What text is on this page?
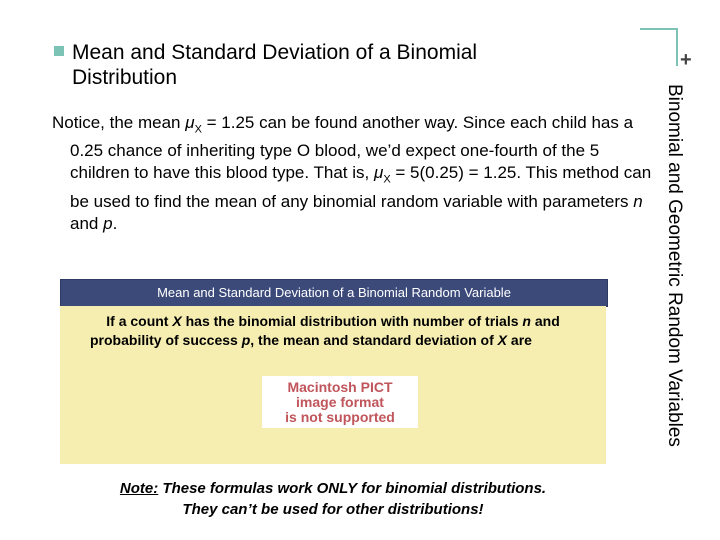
+
Binomial and Geometric Random Variables
Mean and Standard Deviation of a Binomial
Distribution
Notice, the mean $\mu_X = 1.25$ can be found another way. Since each child has a 0.25 chance of inheriting type O blood, we’d expect one-fourth of the 5 children to have this blood type. That is, $\mu_X = 5(0.25) = 1.25$. This method can be used to find the mean of any binomial random variable with parameters n and p.
Mean and Standard Deviation of a Binomial Random Variable
If a count X has the binomial distribution with number of trials n and
probability of success p, the mean and standard deviation of X are
Macintosh PICT
image format
is not supported
Note: These formulas work ONLY for binomial distributions.
They can’t be used for other distributions!
